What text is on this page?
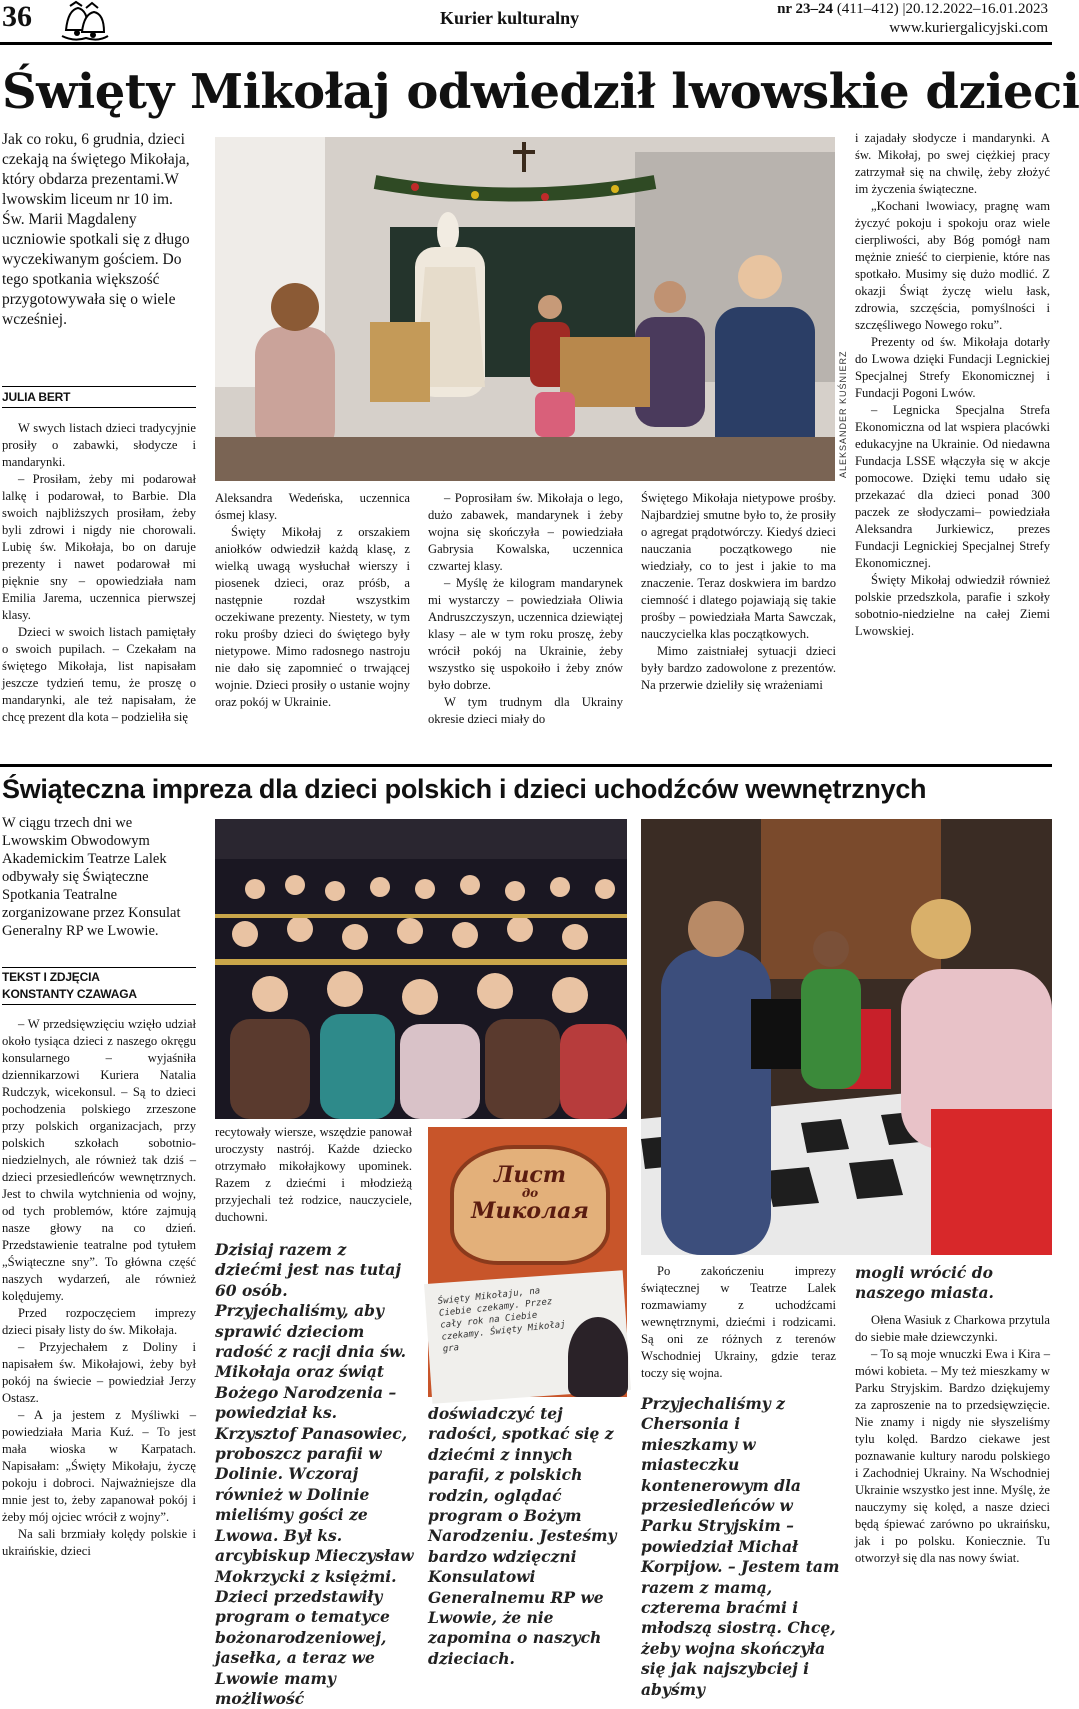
36	Kurier kulturalny	nr 23–24 (411–412) |20.12.2022–16.01.2023
www.kuriergalicyjski.com
Święty Mikołaj odwiedził lwowskie dzieci
Jak co roku, 6 grudnia, dzieci czekają na świętego Mikołaja, który obdarza prezentami.W lwowskim liceum nr 10 im. Św. Marii Magdaleny uczniowie spotkali się z długo wyczekiwanym gościem. Do tego spotkania większość przygotowywała się o wiele wcześniej.
JULIA BERT	ALEKSANDER KUŚNIERZ

W swych listach dzieci tradycyjnie prosiły o zabawki, słodycze i mandarynki.

– Prosiłam, żeby mi podarował lalkę i podarował, to Barbie. Dla swoich najbliższych prosiłam, żeby byli zdrowi i nigdy nie chorowali. Lubię św. Mikołaja, bo on daruje prezenty i nawet podarował mi pięknie sny – opowiedziała nam Emilia Jarema, uczennica pierwszej klasy.

Dzieci w swoich listach pamiętały o swoich pupilach. – Czekałam na świętego Mikołaja, list napisałam jeszcze tydzień temu, że proszę o mandarynki, ale też napisałam, że chcę prezent dla kota – podzieliła się

Aleksandra Wedeńska, uczennica ósmej klasy.

Święty Mikołaj z orszakiem aniołków odwiedził każdą klasę, z wielką uwagą wysłuchał wierszy i piosenek dzieci, oraz próśb, a następnie rozdał wszystkim oczekiwane prezenty. Niestety, w tym roku prośby dzieci do świętego były nietypowe. Mimo radosnego nastroju nie dało się zapomnieć o trwającej wojnie. Dzieci prosiły o ustanie wojny oraz pokój w Ukrainie.

– Poprosiłam św. Mikołaja o lego, dużo zabawek, mandarynek i żeby wojna się skończyła – powiedziała Gabrysia Kowalska, uczennica czwartej klasy.

– Myślę że kilogram mandarynek mi wystarczy – powiedziała Oliwia Andruszczyszyn, uczennica dziewiątej klasy – ale w tym roku proszę, żeby wrócił pokój na Ukrainie, żeby wszystko się uspokoiło i żeby znów było dobrze.

W tym trudnym dla Ukrainy okresie dzieci miały do

Świętego Mikołaja nietypowe prośby. Najbardziej smutne było to, że prosiły o agregat prądotwórczy. Kiedyś dzieci nauczania początkowego nie wiedziały, co to jest i jakie to ma znaczenie. Teraz doskwiera im bardzo ciemność i dlatego pojawiają się takie prośby – powiedziała Marta Sawczak, nauczycielka klas początkowych.

Mimo zaistniałej sytuacji dzieci były bardzo zadowolone z prezentów. Na przerwie dzieliły się wrażeniami

i zajadały słodycze i mandarynki. A św. Mikołaj, po swej ciężkiej pracy zatrzymał się na chwilę, żeby złożyć im życzenia świąteczne.

„Kochani lwowiacy, pragnę wam życzyć pokoju i spokoju oraz wiele cierpliwości, aby Bóg pomógł nam mężnie znieść to cierpienie, które nas spotkało. Musimy się dużo modlić. Z okazji Świąt życzę wielu łask, zdrowia, szczęścia, pomyślności i szczęśliwego Nowego roku”.

Prezenty od św. Mikołaja dotarły do Lwowa dzięki Fundacji Legnickiej Specjalnej Strefy Ekonomicznej i Fundacji Pogoni Lwów.

– Legnicka Specjalna Strefa Ekonomiczna od lat wspiera placówki edukacyjne na Ukrainie. Od niedawna Fundacja LSSE włączyła się w akcje pomocowe. Dzięki temu udało się przekazać dla dzieci ponad 300 paczek ze słodyczami– powiedziała Aleksandra Jurkiewicz, prezes Fundacji Legnickiej Specjalnej Strefy Ekonomicznej.

Święty Mikołaj odwiedził również polskie przedszkola, parafie i szkoły sobotnio-niedzielne na całej Ziemi Lwowskiej.

Świąteczna impreza dla dzieci polskich i dzieci uchodźców wewnętrznych
W ciągu trzech dni we Lwowskim Obwodowym Akademickim Teatrze Lalek odbywały się Świąteczne Spotkania Teatralne zorganizowane przez Konsulat Generalny RP we Lwowie.
TEKST I ZDJĘCIA
KONSTANTY CZAWAGA
Лист
до
Миколая
Święty Mikołaju, na Ciebie czekamy. Przez cały rok na Ciebie czekamy. Święty Mikołaj gra

– W przedsięwzięciu wzięło udział około tysiąca dzieci z naszego okręgu konsularnego – wyjaśniła dziennikarzowi Kuriera Natalia Rudczyk, wicekonsul. – Są to dzieci pochodzenia polskiego zrzeszone przy polskich organizacjach, przy polskich szkołach sobotnio-niedzielnych, ale również tak dziś – dzieci przesiedleńców wewnętrznych. Jest to chwila wytchnienia od wojny, od tych problemów, które zajmują nasze głowy na co dzień. Przedstawienie teatralne pod tytułem „Świąteczne sny”. To główna część naszych wydarzeń, ale również kolędujemy.

Przed rozpoczęciem imprezy dzieci pisały listy do św. Mikołaja.

– Przyjechałem z Doliny i napisałem św. Mikołajowi, żeby był pokój na świecie – powiedział Jerzy Ostasz.

– A ja jestem z Myśliwki – powiedziała Maria Kuź. – To jest mała wioska w Karpatach. Napisałam: „Święty Mikołaju, życzę pokoju i dobroci. Najważniejsze dla mnie jest to, żeby zapanował pokój i żeby mój ojciec wrócił z wojny”.

Na sali brzmiały kolędy polskie i ukraińskie, dzieci

recytowały wiersze, wszędzie panował uroczysty nastrój. Każde dziecko otrzymało mikołajkowy upominek. Razem z dziećmi i młodzieżą przyjechali też rodzice, nauczyciele, duchowni.

Dzisiaj razem z dziećmi jest nas tutaj 60 osób. Przyjechaliśmy, aby sprawić dzieciom radość z racji dnia św. Mikołaja oraz świąt Bożego Narodzenia – powiedział ks. Krzysztof Panasowiec, proboszcz parafii w Dolinie. Wczoraj również w Dolinie mieliśmy gości ze Lwowa. Był ks. arcybiskup Mieczysław Mokrzycki z księżmi. Dzieci przedstawiły program o tematyce bożonarodzeniowej, jasełka, a teraz we Lwowie mamy możliwość
doświadczyć tej radości, spotkać się z dziećmi z innych parafii, z polskich rodzin, oglądać program o Bożym Narodzeniu. Jesteśmy bardzo wdzięczni Konsulatowi Generalnemu RP we Lwowie, że nie zapomina o naszych dzieciach.

Po zakończeniu imprezy świątecznej w Teatrze Lalek rozmawiamy z uchodźcami wewnętrznymi, dziećmi i rodzicami. Są oni ze różnych z terenów Wschodniej Ukrainy, gdzie teraz toczy się wojna.

Przyjechaliśmy z Chersonia i mieszkamy w miasteczku kontenerowym dla przesiedleńców w Parku Stryjskim – powiedział Michał Korpijow. – Jestem tam razem z mamą, czterema braćmi i młodszą siostrą. Chcę, żeby wojna skończyła się jak najszybciej i abyśmy
mogli wrócić do naszego miasta.

Ołena Wasiuk z Charkowa przytula do siebie małe dziewczynki.

– To są moje wnuczki Ewa i Kira – mówi kobieta. – My też mieszkamy w Parku Stryjskim. Bardzo dziękujemy za zaproszenie na to przedsięwzięcie. Nie znamy i nigdy nie słyszeliśmy tylu kolęd. Bardzo ciekawe jest poznawanie kultury narodu polskiego i Zachodniej Ukrainy. Na Wschodniej Ukrainie wszystko jest inne. Myślę, że nauczymy się kolęd, a nasze dzieci będą śpiewać zarówno po ukraińsku, jak i po polsku. Koniecznie. Tu otworzył się dla nas nowy świat.
